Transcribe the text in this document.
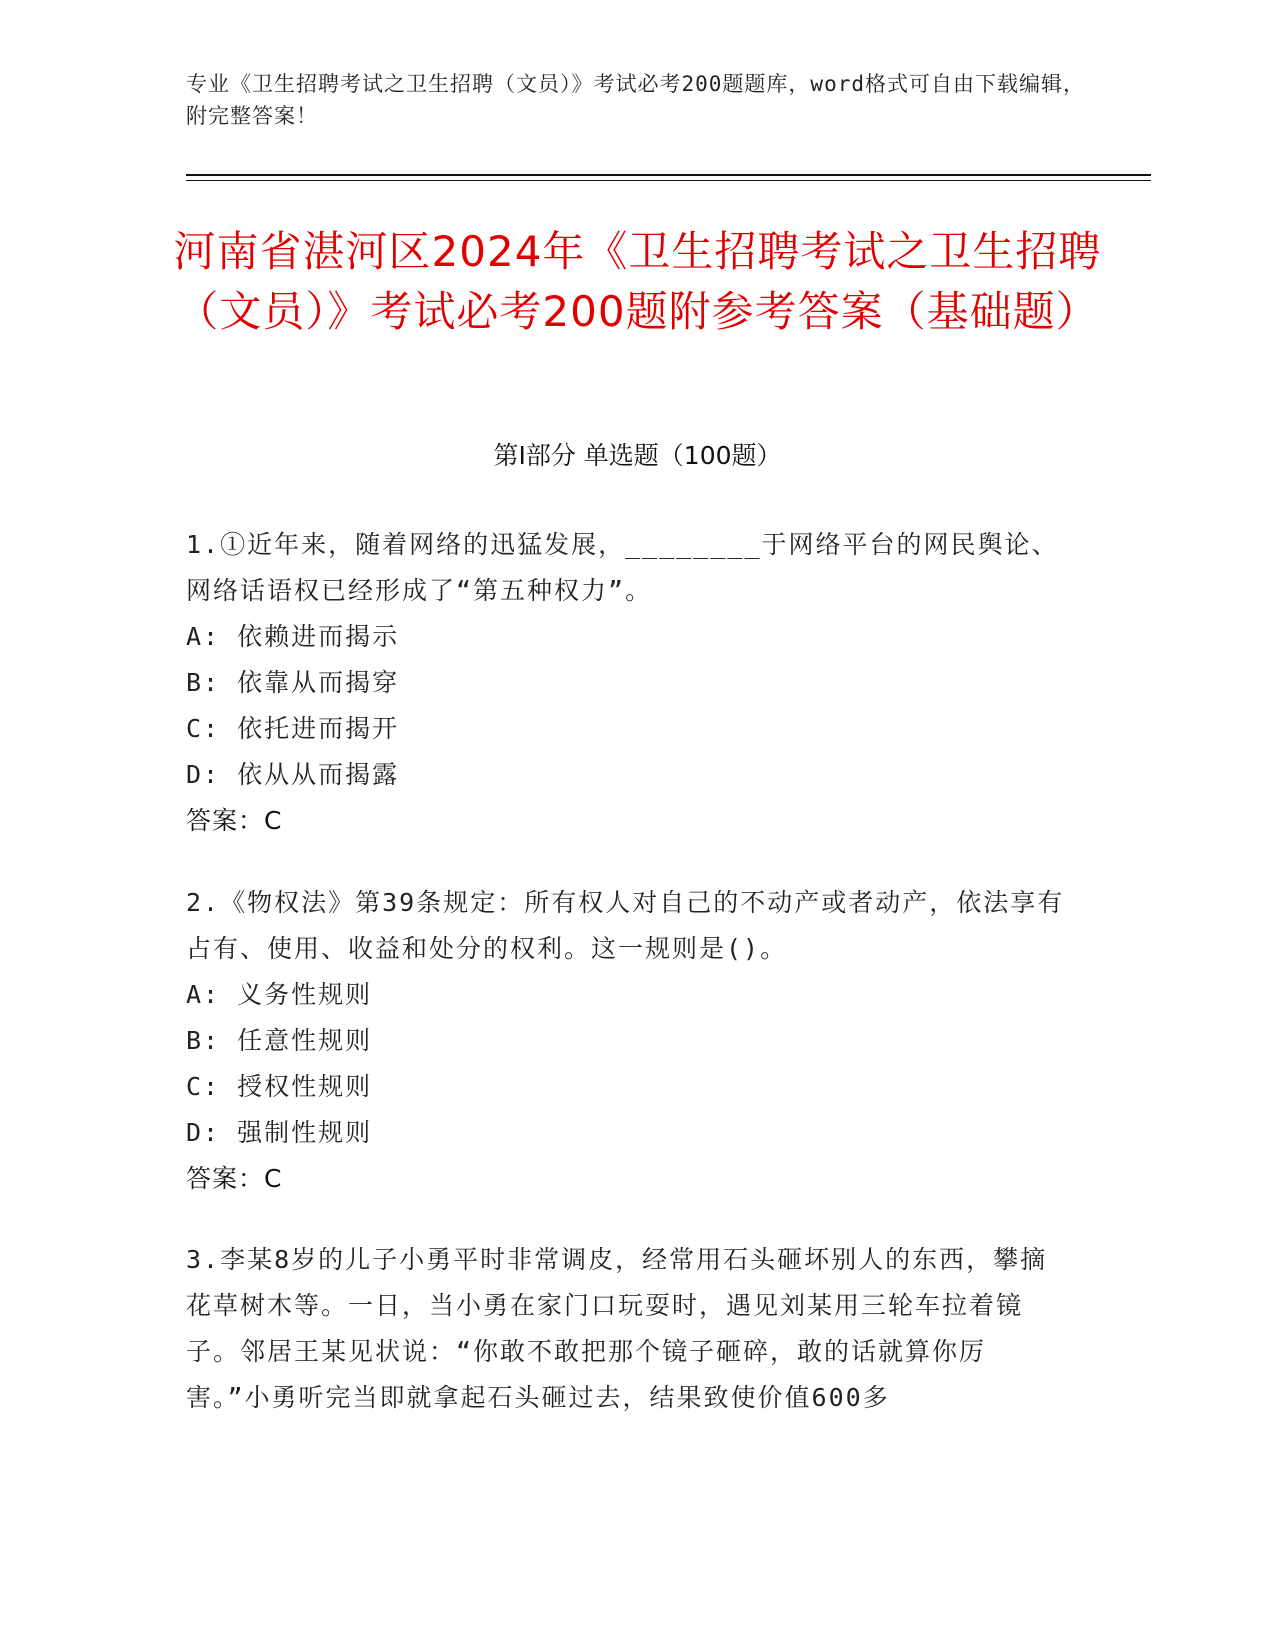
专业《卫生招聘考试之卫生招聘（文员）》考试必考200题题库，word格式可自由下载编辑，附完整答案！
河南省湛河区2024年《卫生招聘考试之卫生招聘（文员）》考试必考200题附参考答案（基础题）
第I部分 单选题（100题）
1.①近年来，随着网络的迅猛发展，________于网络平台的网民舆论、网络话语权已经形成了“第五种权力”。
A: 依赖进而揭示
B: 依靠从而揭穿
C: 依托进而揭开
D: 依从从而揭露
答案：C
2.《物权法》第39条规定：所有权人对自己的不动产或者动产，依法享有占有、使用、收益和处分的权利。这一规则是()。
A: 义务性规则
B: 任意性规则
C: 授权性规则
D: 强制性规则
答案：C
3.李某8岁的儿子小勇平时非常调皮，经常用石头砸坏别人的东西，攀摘花草树木等。一日，当小勇在家门口玩耍时，遇见刘某用三轮车拉着镜子。邻居王某见状说：“你敢不敢把那个镜子砸碎，敢的话就算你厉害。”小勇听完当即就拿起石头砸过去，结果致使价值600多
